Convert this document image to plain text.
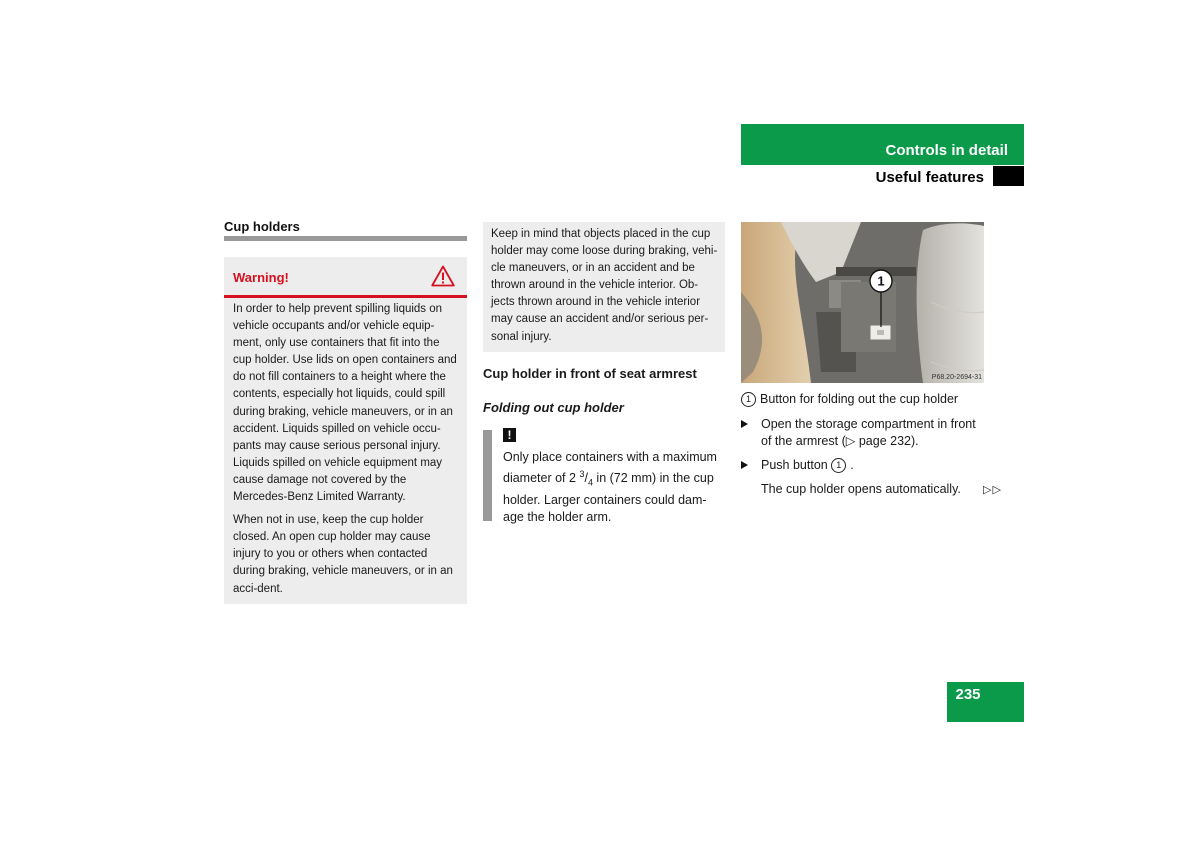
Controls in detail
Useful features
Cup holders
Warning!

In order to help prevent spilling liquids on vehicle occupants and/or vehicle equip-ment, only use containers that fit into the cup holder. Use lids on open containers and do not fill containers to a height where the contents, especially hot liquids, could spill during braking, vehicle maneuvers, or in an accident. Liquids spilled on vehicle occu-pants may cause serious personal injury. Liquids spilled on vehicle equipment may cause damage not covered by the Mercedes-Benz Limited Warranty.

When not in use, keep the cup holder closed. An open cup holder may cause injury to you or others when contacted during braking, vehicle maneuvers, or in an acci-dent.

Keep in mind that objects placed in the cup holder may come loose during braking, vehi-cle maneuvers, or in an accident and be thrown around in the vehicle interior. Ob-jects thrown around in the vehicle interior may cause an accident and/or serious per-sonal injury.
Cup holder in front of seat armrest
Folding out cup holder
!
Only place containers with a maximum diameter of 2 $^3/_4$ in (72 mm) in the cup holder. Larger containers could dam-age the holder arm.
1
P68.20-2694-31
1 Button for folding out the cup holder
Open the storage compartment in front of the armrest (▷ page 232).
Push button 1 .
The cup holder opens automatically. ▷▷
235
